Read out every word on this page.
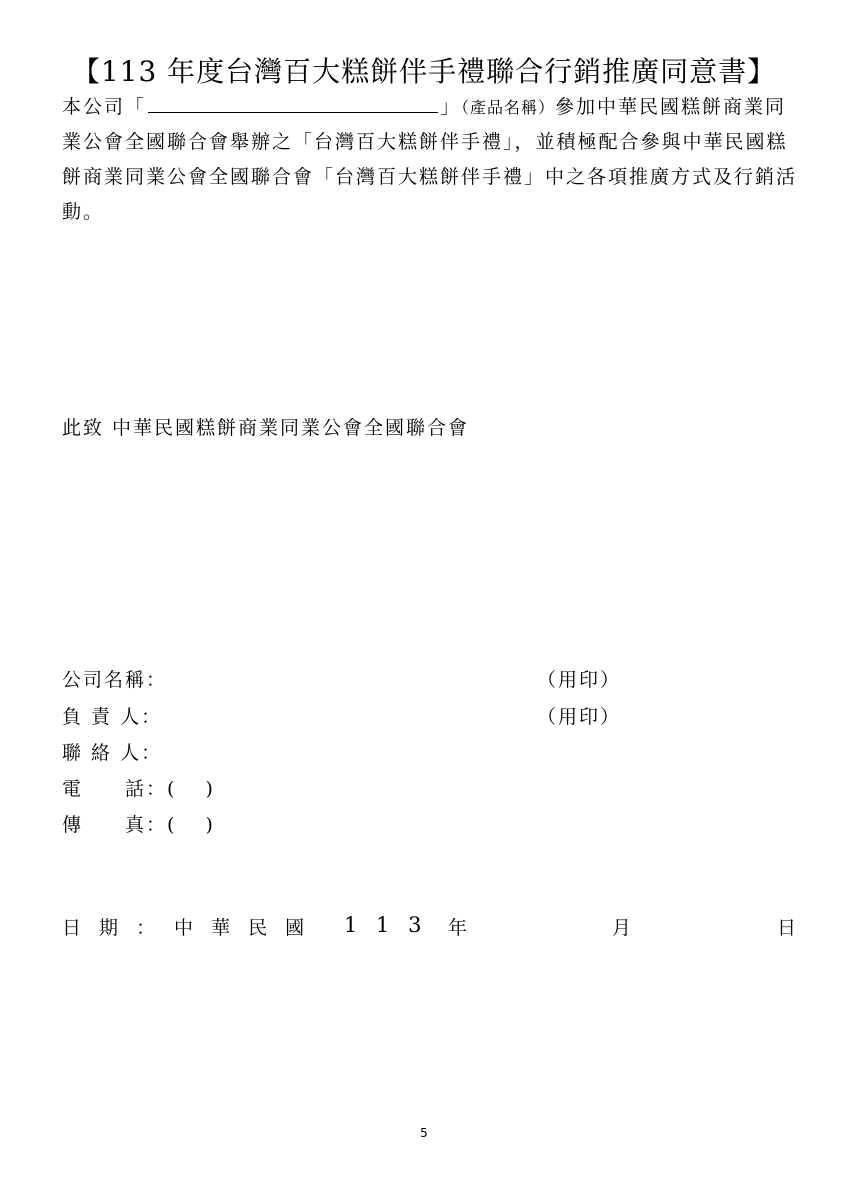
【113 年度台灣百大糕餅伴手禮聯合行銷推廣同意書】
本公司「	」（產品名稱）參加中華民國糕餅商業同業公會全國聯合會舉辦之「台灣百大糕餅伴手禮」，並積極配合參與中華民國糕餅商業同業公會全國聯合會「台灣百大糕餅伴手禮」中之各項推廣方式及行銷活動。
此致 中華民國糕餅商業同業公會全國聯合會
公司名稱：	（用印）
負 責 人：	（用印）
聯 絡 人：
電　　話：(　 )
傳　　真：(　 )
日 期 ： 中 華 民 國 1 1 3 年	月	日
5
